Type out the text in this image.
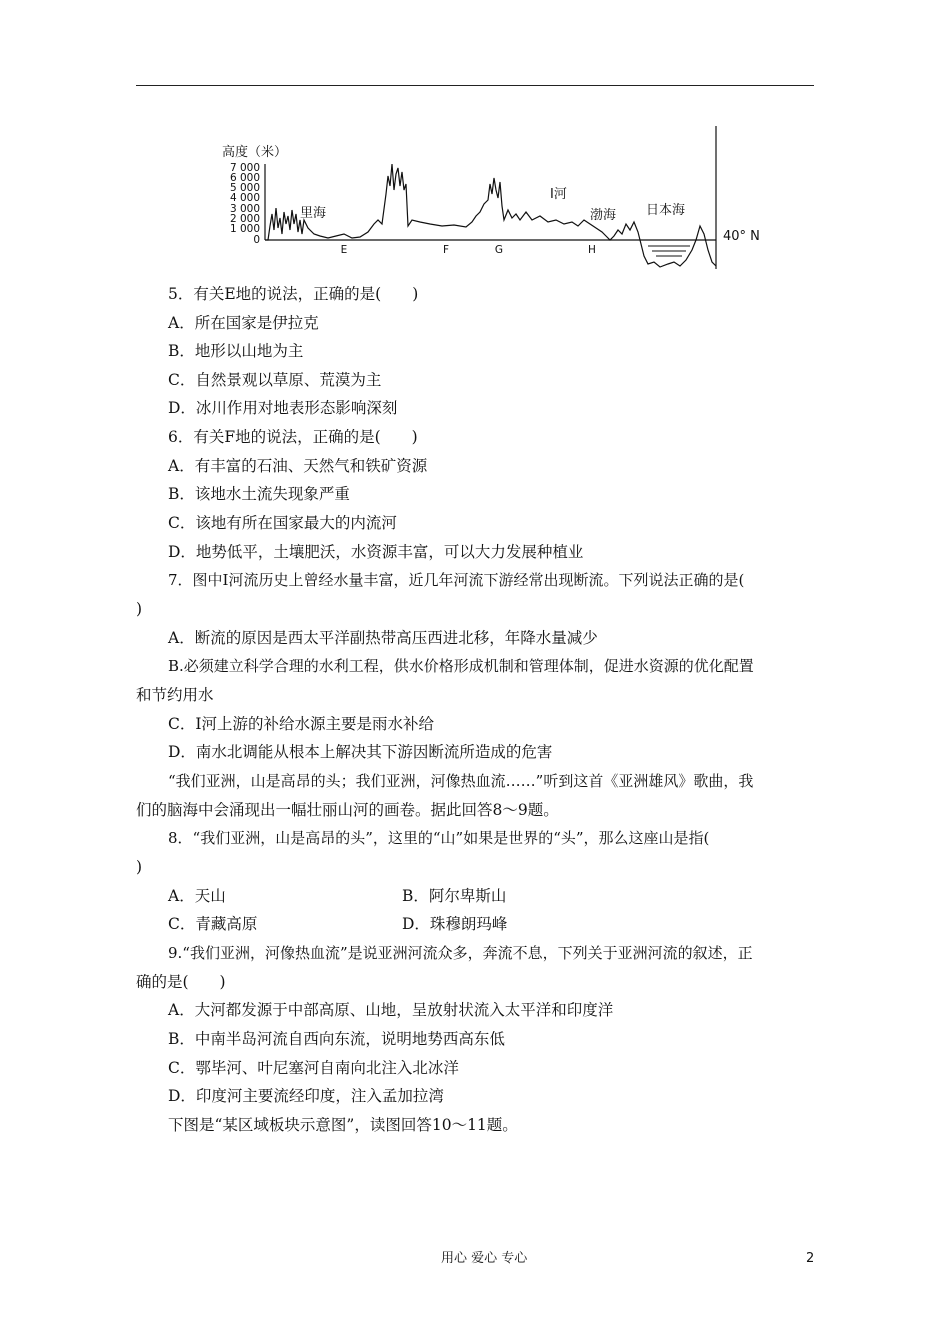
高度（米）
7 000
6 000
5 000
4 000
3 000
2 000
1 000
0
里海
Ⅰ河
渤海 日本海
40° N
E	F	G	H
5．有关E地的说法，正确的是(　　)
A．所在国家是伊拉克
B．地形以山地为主
C．自然景观以草原、荒漠为主
D．冰川作用对地表形态影响深刻
6．有关F地的说法，正确的是(　　)
A．有丰富的石油、天然气和铁矿资源
B．该地水土流失现象严重
C．该地有所在国家最大的内流河
D．地势低平，土壤肥沃，水资源丰富，可以大力发展种植业
7．图中Ⅰ河流历史上曾经水量丰富，近几年河流下游经常出现断流。下列说法正确的是(
)
A．断流的原因是西太平洋副热带高压西进北移，年降水量减少
B.必须建立科学合理的水利工程，供水价格形成机制和管理体制，促进水资源的优化配置
和节约用水
C．Ⅰ河上游的补给水源主要是雨水补给
D．南水北调能从根本上解决其下游因断流所造成的危害
“我们亚洲，山是高昂的头；我们亚洲，河像热血流……”听到这首《亚洲雄风》歌曲，我
们的脑海中会涌现出一幅壮丽山河的画卷。据此回答8～9题。
8．“我们亚洲，山是高昂的头”，这里的“山”如果是世界的“头”，那么这座山是指(
)
A．天山	B．阿尔卑斯山
C．青藏高原	D．珠穆朗玛峰
9.“我们亚洲，河像热血流”是说亚洲河流众多，奔流不息，下列关于亚洲河流的叙述，正
确的是(　　)
A．大河都发源于中部高原、山地，呈放射状流入太平洋和印度洋
B．中南半岛河流自西向东流，说明地势西高东低
C．鄂毕河、叶尼塞河自南向北注入北冰洋
D．印度河主要流经印度，注入孟加拉湾
下图是“某区域板块示意图”，读图回答10～11题。
用心 爱心 专心	2
